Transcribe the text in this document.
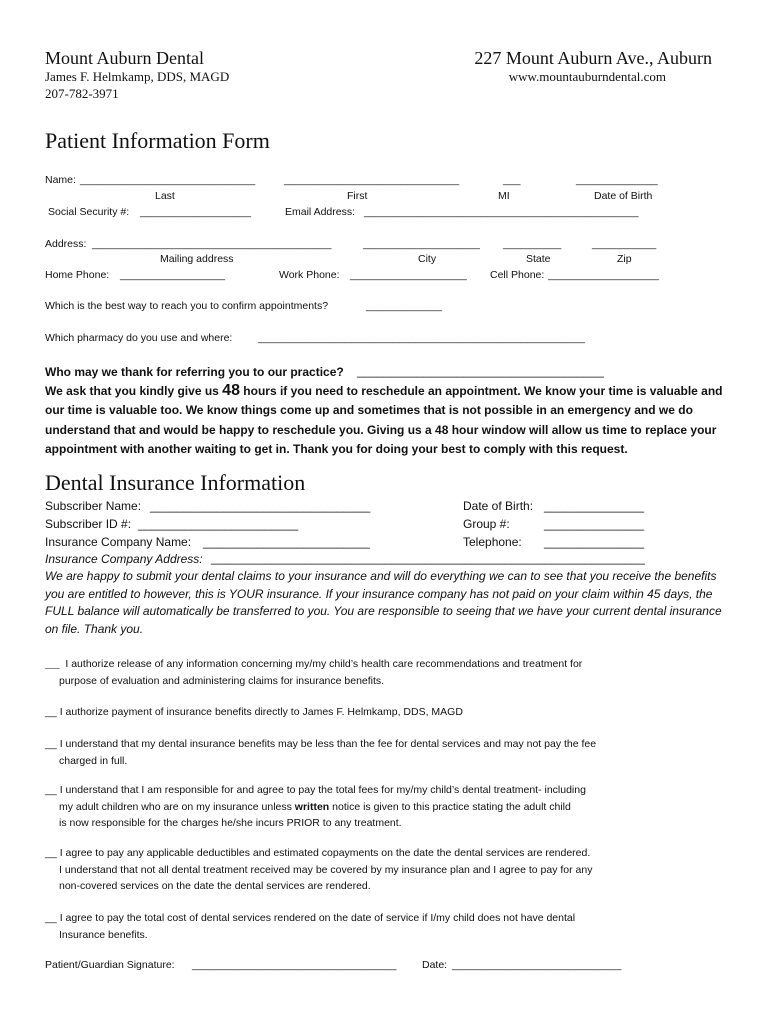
Mount Auburn Dental
James F. Helmkamp, DDS, MAGD
207-782-3971
227 Mount Auburn Ave., Auburn
www.mountauburndental.com
Patient Information Form
Name: ______________________________	______________________________	___	______________
Last	First	MI	Date of Birth
Social Security #: ___________________	Email Address: _______________________________________________
Address: _________________________________________	____________________ __________	___________
Mailing address	City	State	Zip
Home Phone: __________________	Work Phone: ____________________ Cell Phone: ___________________
Which is the best way to reach you to confirm appointments?	_____________
Which pharmacy do you use and where: ________________________________________________________
Who may we thank for referring you to our practice? _____________________________________
We ask that you kindly give us 48 hours if you need to reschedule an appointment. We know your time is valuable and our time is valuable too. We know things come up and sometimes that is not possible in an emergency and we do understand that and would be happy to reschedule you. Giving us a 48 hour window will allow us time to replace your appointment with another waiting to get in. Thank you for doing your best to comply with this request.
Dental Insurance Information
Subscriber Name: _________________________________	Date of Birth: _______________
Subscriber ID #: ________________________	Group #:	_______________
Insurance Company Name: _________________________	Telephone: _______________
Insurance Company Address: _________________________________________________________________
We are happy to submit your dental claims to your insurance and will do everything we can to see that you receive the benefits you are entitled to however, this is YOUR insurance. If your insurance company has not paid on your claim within 45 days, the FULL balance will automatically be transferred to you. You are responsible to seeing that we have your current dental insurance on file. Thank you.
__ I authorize release of any information concerning my/my child’s health care recommendations and treatment for
purpose of evaluation and administering claims for insurance benefits.
__ I authorize payment of insurance benefits directly to James F. Helmkamp, DDS, MAGD
__ I understand that my dental insurance benefits may be less than the fee for dental services and may not pay the fee
charged in full.
__ I understand that I am responsible for and agree to pay the total fees for my/my child’s dental treatment- including
my adult children who are on my insurance unless written notice is given to this practice stating the adult child
is now responsible for the charges he/she incurs PRIOR to any treatment.
__ I agree to pay any applicable deductibles and estimated copayments on the date the dental services are rendered.
I understand that not all dental treatment received may be covered by my insurance plan and I agree to pay for any
non-covered services on the date the dental services are rendered.
__ I agree to pay the total cost of dental services rendered on the date of service if I/my child does not have dental
Insurance benefits.
Patient/Guardian Signature: ___________________________________ Date: _____________________________
